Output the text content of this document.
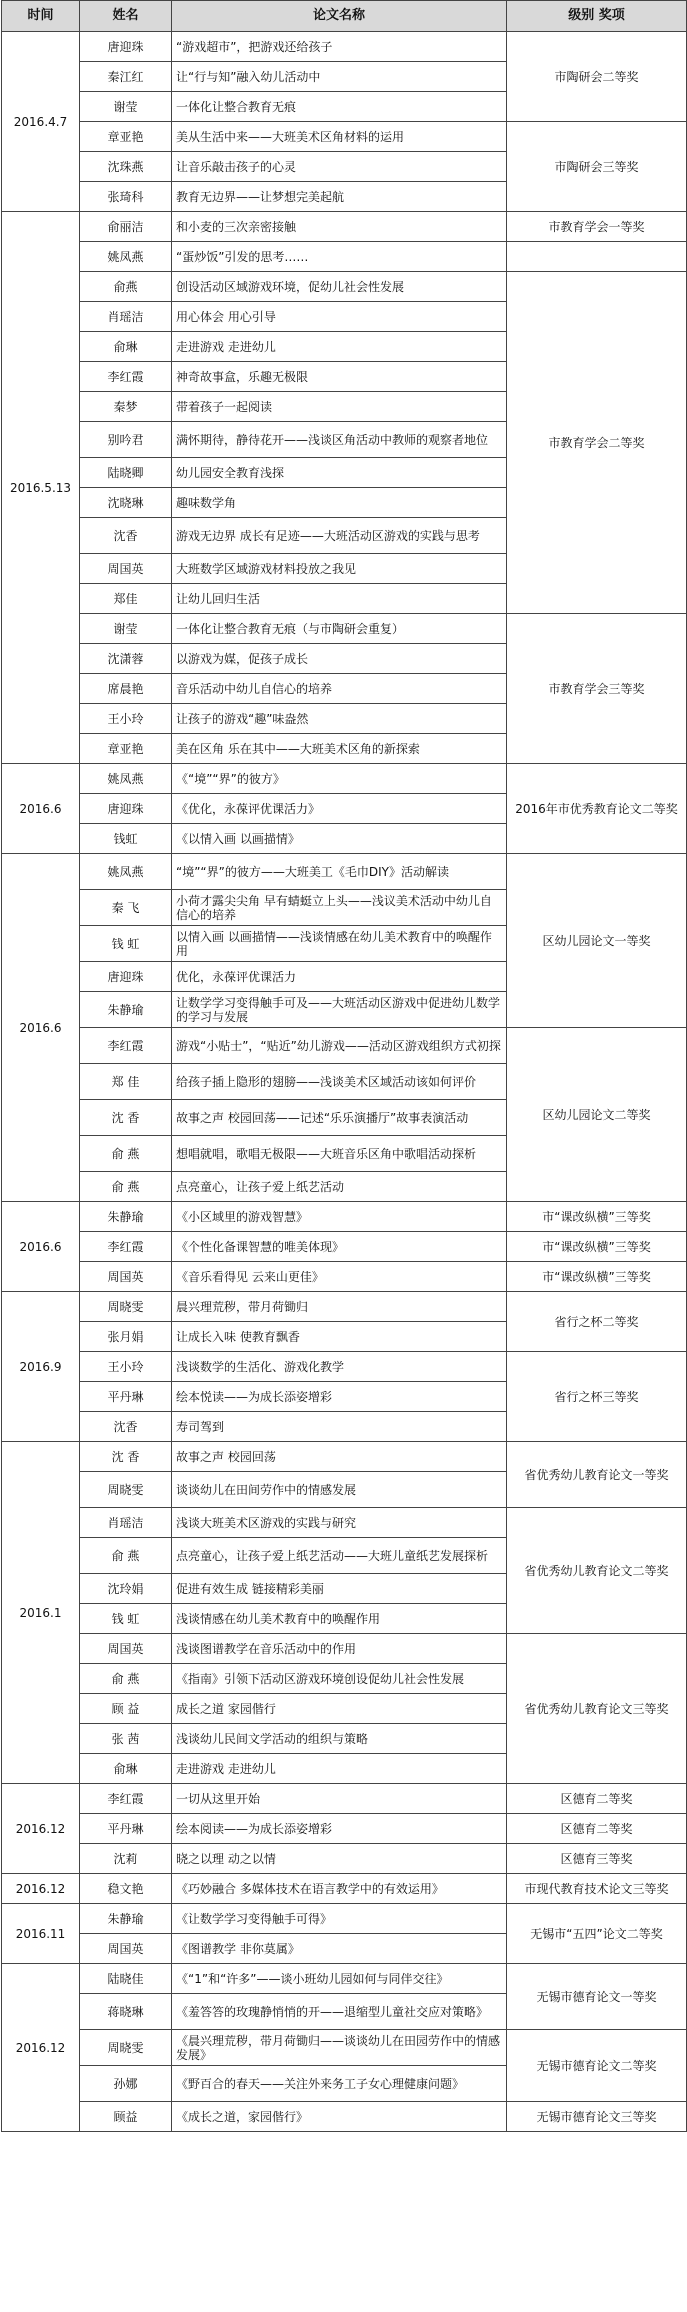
时间	姓名	论文名称	级别 奖项
2016.4.7	唐迎珠	“游戏超市”，把游戏还给孩子	市陶研会二等奖
	秦江红	让“行与知”融入幼儿活动中	
	谢莹	一体化让整合教育无痕	
	章亚艳	美从生活中来——大班美术区角材料的运用	市陶研会三等奖
	沈珠燕	让音乐敲击孩子的心灵	
	张琦科	教育无边界——让梦想完美起航	
2016.5.13	俞丽洁	和小麦的三次亲密接触	市教育学会一等奖
	姚凤燕	“蛋炒饭”引发的思考……	
	俞燕	创设活动区域游戏环境，促幼儿社会性发展	市教育学会二等奖
	肖瑶洁	用心体会 用心引导	
	俞琳	走进游戏 走进幼儿	
	李红霞	神奇故事盒，乐趣无极限	
	秦梦	带着孩子一起阅读	
	别吟君	满怀期待，静待花开——浅谈区角活动中教师的观察者地位	
	陆晓卿	幼儿园安全教育浅探	
	沈晓琳	趣味数学角	
	沈香	游戏无边界 成长有足迹——大班活动区游戏的实践与思考	
	周国英	大班数学区域游戏材料投放之我见	
	郑佳	让幼儿回归生活	
	谢莹	一体化让整合教育无痕（与市陶研会重复）	市教育学会三等奖
	沈潇蓉	以游戏为媒，促孩子成长	
	席晨艳	音乐活动中幼儿自信心的培养	
	王小玲	让孩子的游戏“趣”味盎然	
	章亚艳	美在区角 乐在其中——大班美术区角的新探索	
2016.6	姚凤燕	《“境”“界”的彼方》	2016年市优秀教育论文二等奖
	唐迎珠	《优化，永葆评优课活力》	
	钱虹	《以情入画 以画描情》	
2016.6	姚凤燕	“境”“界”的彼方——大班美工《毛巾DIY》活动解读	区幼儿园论文一等奖
	秦 飞	小荷才露尖尖角 早有蜻蜓立上头——浅议美术活动中幼儿自信心的培养	
	钱 虹	以情入画 以画描情——浅谈情感在幼儿美术教育中的唤醒作用	
	唐迎珠	优化，永葆评优课活力	
	朱静瑜	让数学学习变得触手可及——大班活动区游戏中促进幼儿数学的学习与发展	
	李红霞	游戏“小贴士”，“贴近”幼儿游戏——活动区游戏组织方式初探	区幼儿园论文二等奖
	郑 佳	给孩子插上隐形的翅膀——浅谈美术区域活动该如何评价	
	沈 香	故事之声 校园回荡——记述“乐乐演播厅”故事表演活动	
	俞 燕	想唱就唱，歌唱无极限——大班音乐区角中歌唱活动探析	
	俞 燕	点亮童心，让孩子爱上纸艺活动	
2016.6	朱静瑜	《小区域里的游戏智慧》	市“课改纵横”三等奖
	李红霞	《个性化备课智慧的唯美体现》	市“课改纵横”三等奖
	周国英	《音乐看得见 云来山更佳》	市“课改纵横”三等奖
2016.9	周晓雯	晨兴理荒秽，带月荷锄归	省行之杯二等奖
	张月娟	让成长入味 使教育飘香	
	王小玲	浅谈数学的生活化、游戏化教学	省行之杯三等奖
	平丹琳	绘本悦读——为成长添姿增彩	
	沈香	寿司驾到	
2016.1	沈 香	故事之声 校园回荡	省优秀幼儿教育论文一等奖
	周晓雯	谈谈幼儿在田间劳作中的情感发展	
	肖瑶洁	浅谈大班美术区游戏的实践与研究	省优秀幼儿教育论文二等奖
	俞 燕	点亮童心，让孩子爱上纸艺活动——大班儿童纸艺发展探析	
	沈玲娟	促进有效生成 链接精彩美丽	
	钱 虹	浅谈情感在幼儿美术教育中的唤醒作用	
	周国英	浅谈图谱教学在音乐活动中的作用	省优秀幼儿教育论文三等奖
	俞 燕	《指南》引领下活动区游戏环境创设促幼儿社会性发展	
	顾 益	成长之道 家园偕行	
	张 茜	浅谈幼儿民间文学活动的组织与策略	
	俞琳	走进游戏 走进幼儿	
2016.12	李红霞	一切从这里开始	区德育二等奖
	平丹琳	绘本阅读——为成长添姿增彩	区德育二等奖
	沈莉	晓之以理 动之以情	区德育三等奖
2016.12	稳文艳	《巧妙融合 多媒体技术在语言教学中的有效运用》	市现代教育技术论文三等奖
2016.11	朱静瑜	《让数学学习变得触手可得》	无锡市“五四”论文二等奖
	周国英	《图谱教学 非你莫属》	
2016.12	陆晓佳	《“1”和“许多”——谈小班幼儿园如何与同伴交往》	无锡市德育论文一等奖
	蒋晓琳	《羞答答的玫瑰静悄悄的开——退缩型儿童社交应对策略》	
	周晓雯	《晨兴理荒秽，带月荷锄归——谈谈幼儿在田园劳作中的情感发展》	无锡市德育论文二等奖
	孙娜	《野百合的春天——关注外来务工子女心理健康问题》	
	顾益	《成长之道，家园偕行》	无锡市德育论文三等奖
